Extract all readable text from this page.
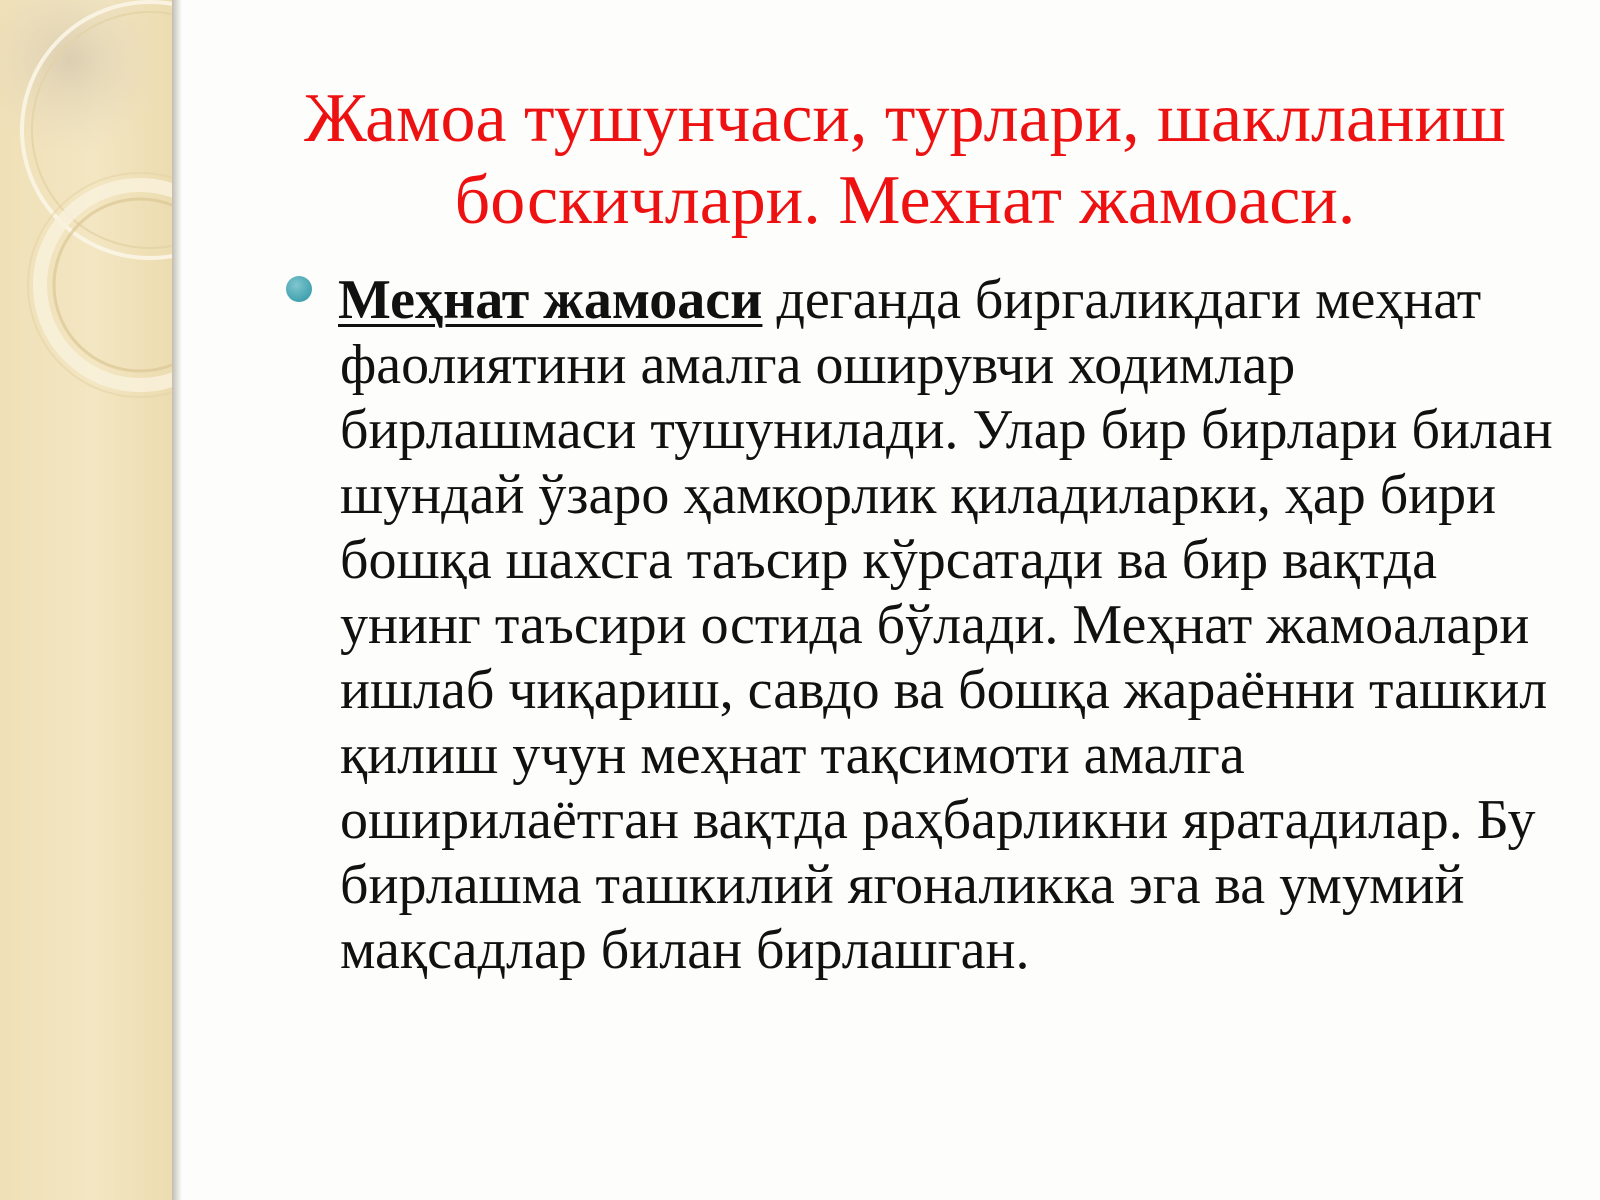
Жамоа тушунчаси, турлари, шаклланиш
боскичлари. Мехнат жамоаси.

Меҳнат жамоаси деганда биргаликдаги меҳнат фаолиятини амалга оширувчи ходимлар бирлашмаси тушунилади. Улар бир бирлари билан шундай ўзаро ҳамкорлик қиладиларки, ҳар бири бошқа шахсга таъсир кўрсатади ва бир вақтда унинг таъсири остида бўлади. Меҳнат жамоалари ишлаб чиқариш, савдо ва бошқа жараённи ташкил қилиш учун меҳнат тақсимоти амалга оширилаётган вақтда раҳбарликни яратадилар. Бу бирлашма ташкилий ягоналикка эга ва умумий мақсадлар билан бирлашган.
